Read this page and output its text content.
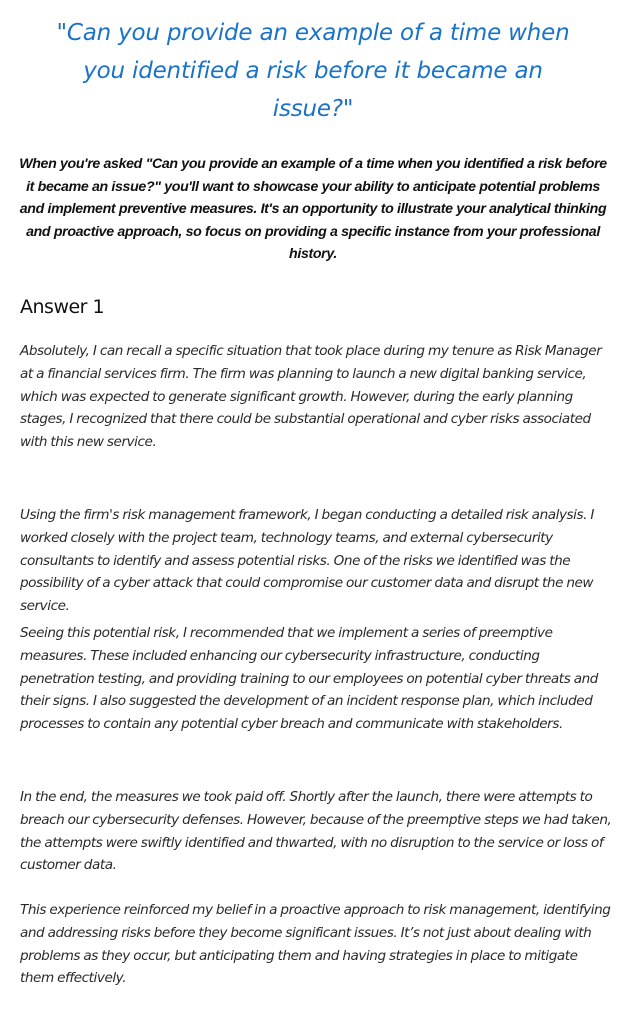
"Can you provide an example of a time when you identified a risk before it became an issue?"

When you're asked "Can you provide an example of a time when you identified a risk before it became an issue?" you'll want to showcase your ability to anticipate potential problems and implement preventive measures. It's an opportunity to illustrate your analytical thinking and proactive approach, so focus on providing a specific instance from your professional history.

Answer 1

Absolutely, I can recall a specific situation that took place during my tenure as Risk Manager at a financial services firm. The firm was planning to launch a new digital banking service, which was expected to generate significant growth. However, during the early planning stages, I recognized that there could be substantial operational and cyber risks associated with this new service.

Using the firm's risk management framework, I began conducting a detailed risk analysis. I worked closely with the project team, technology teams, and external cybersecurity consultants to identify and assess potential risks. One of the risks we identified was the possibility of a cyber attack that could compromise our customer data and disrupt the new service.

Seeing this potential risk, I recommended that we implement a series of preemptive measures. These included enhancing our cybersecurity infrastructure, conducting penetration testing, and providing training to our employees on potential cyber threats and their signs. I also suggested the development of an incident response plan, which included processes to contain any potential cyber breach and communicate with stakeholders.

In the end, the measures we took paid off. Shortly after the launch, there were attempts to breach our cybersecurity defenses. However, because of the preemptive steps we had taken, the attempts were swiftly identified and thwarted, with no disruption to the service or loss of customer data.

This experience reinforced my belief in a proactive approach to risk management, identifying and addressing risks before they become significant issues. It’s not just about dealing with problems as they occur, but anticipating them and having strategies in place to mitigate them effectively.
